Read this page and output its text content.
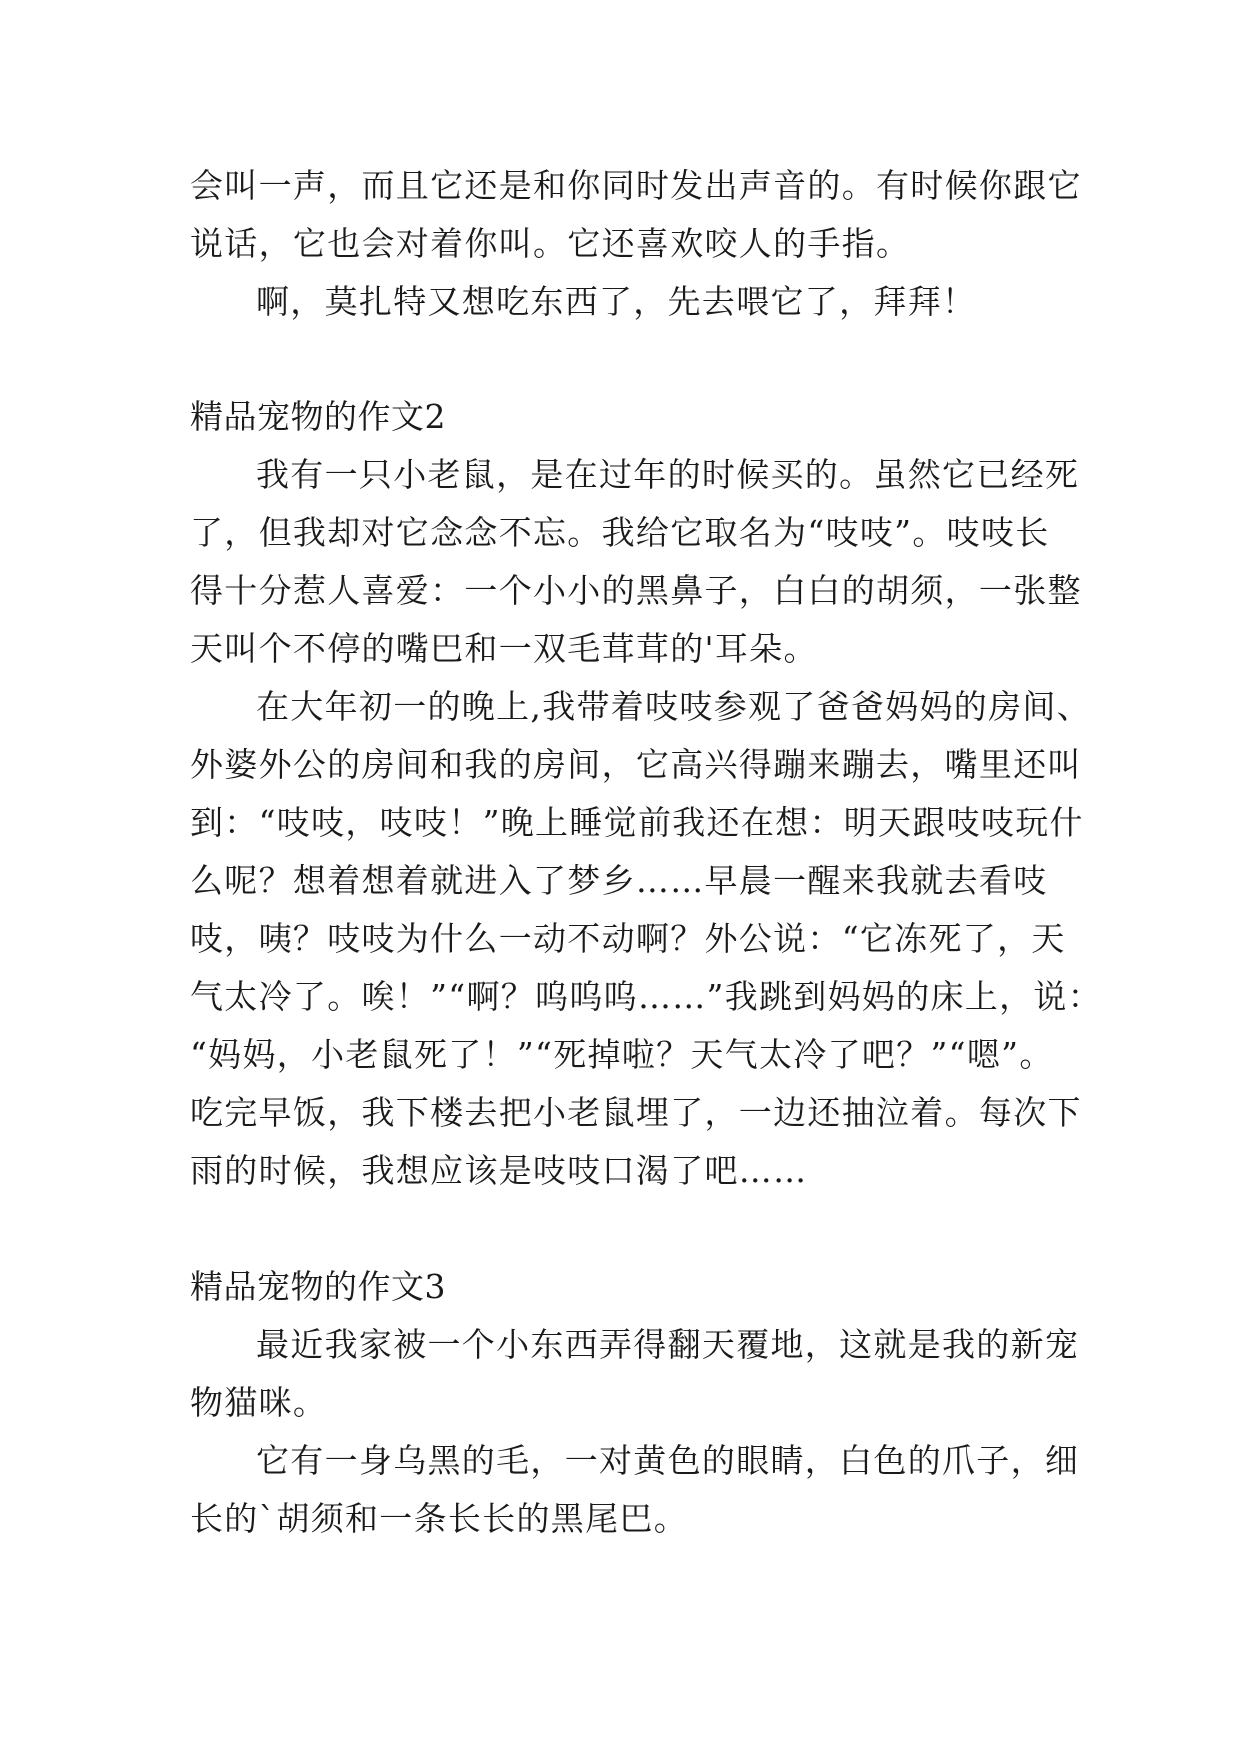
会叫一声，而且它还是和你同时发出声音的。有时候你跟它
说话，它也会对着你叫。它还喜欢咬人的手指。
啊，莫扎特又想吃东西了，先去喂它了，拜拜！
精品宠物的作文2
我有一只小老鼠，是在过年的时候买的。虽然它已经死
了，但我却对它念念不忘。我给它取名为“吱吱”。吱吱长
得十分惹人喜爱：一个小小的黑鼻子，白白的胡须，一张整
天叫个不停的嘴巴和一双毛茸茸的'耳朵。
在大年初一的晚上,我带着吱吱参观了爸爸妈妈的房间、
外婆外公的房间和我的房间，它高兴得蹦来蹦去，嘴里还叫
到：“吱吱，吱吱！”晚上睡觉前我还在想：明天跟吱吱玩什
么呢？想着想着就进入了梦乡……早晨一醒来我就去看吱
吱，咦？吱吱为什么一动不动啊？外公说：“它冻死了，天
气太冷了。唉！”“啊？呜呜呜……”我跳到妈妈的床上，说：
“妈妈，小老鼠死了！”“死掉啦？天气太冷了吧？”“嗯”。
吃完早饭，我下楼去把小老鼠埋了，一边还抽泣着。每次下
雨的时候，我想应该是吱吱口渴了吧……
精品宠物的作文3
最近我家被一个小东西弄得翻天覆地，这就是我的新宠
物猫咪。
它有一身乌黑的毛，一对黄色的眼睛，白色的爪子，细
长的`胡须和一条长长的黑尾巴。
